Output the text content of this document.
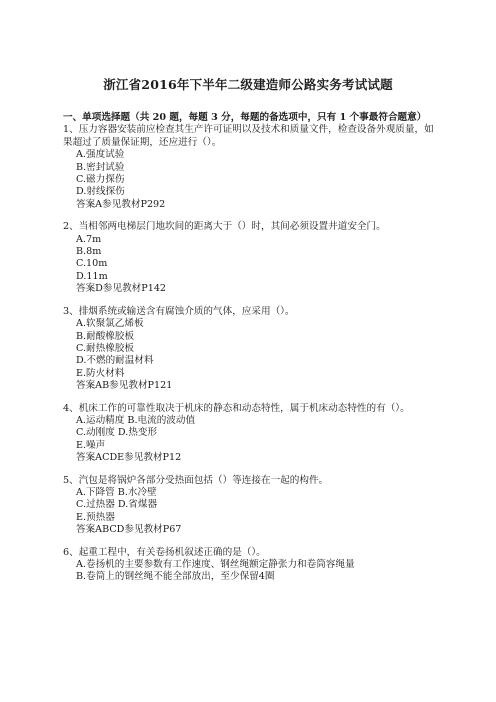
浙江省2016年下半年二级建造师公路实务考试试题

一、单项选择题（共 20 题，每题 3 分，每题的备选项中，只有 1 个事最符合题意）

1、压力容器安装前应检查其生产许可证明以及技术和质量文件，检查设备外观质量，如果超过了质量保证期，还应进行（）。

A.强度试验

B.密封试验

C.磁力探伤

D.射线探伤

答案A参见教材P292

2、当相邻两电梯层门地坎间的距离大于（）时，其间必须设置井道安全门。

A.7m

B.8m

C.10m

D.11m

答案D参见教材P142

3、排烟系统或输送含有腐蚀介质的气体，应采用（）。

A.软聚氯乙烯板

B.耐酸橡胶板

C.耐热橡胶板

D.不燃的耐温材料

E.防火材料

答案AB参见教材P121

4、机床工作的可靠性取决于机床的静态和动态特性，属于机床动态特性的有（）。

A.运动精度 B.电流的波动值

C.动刚度 D.热变形

E.噪声

答案ACDE参见教材P12

5、汽包是将锅炉各部分受热面包括（）等连接在一起的构件。

A.下降管 B.水冷壁

C.过热器 D.省煤器

E.预热器

答案ABCD参见教材P67

6、起重工程中，有关卷扬机叙述正确的是（）。

A.卷扬机的主要参数有工作速度、钢丝绳额定静张力和卷筒容绳量

B.卷筒上的钢丝绳不能全部放出，至少保留4圈
